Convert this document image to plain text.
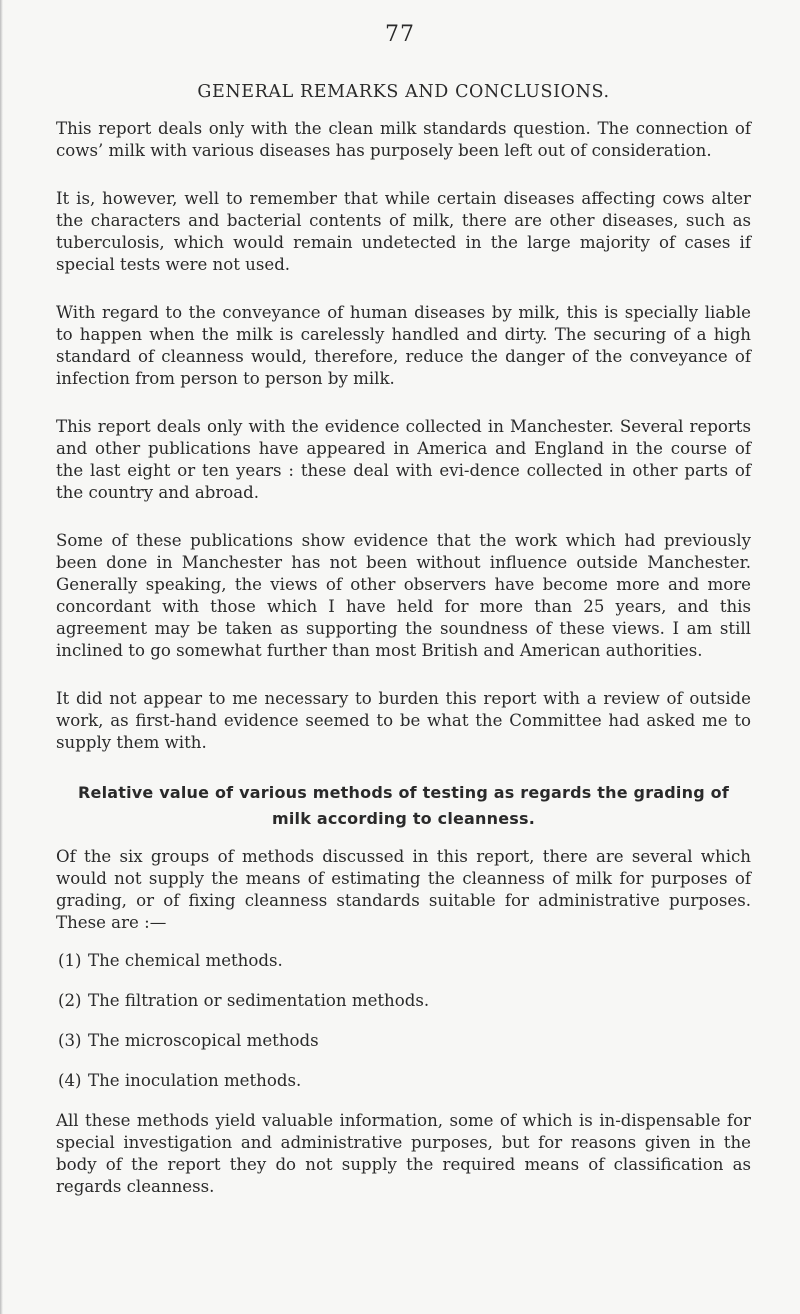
77
GENERAL REMARKS AND CONCLUSIONS.

This report deals only with the clean milk standards question. The connection of cows’ milk with various diseases has purposely been left out of consideration.

It is, however, well to remember that while certain diseases affecting cows alter the characters and bacterial contents of milk, there are other diseases, such as tuberculosis, which would remain undetected in the large majority of cases if special tests were not used.

With regard to the conveyance of human diseases by milk, this is specially liable to happen when the milk is carelessly handled and dirty. The securing of a high standard of cleanness would, therefore, reduce the danger of the conveyance of infection from person to person by milk.

This report deals only with the evidence collected in Manchester. Several reports and other publications have appeared in America and England in the course of the last eight or ten years : these deal with evi-dence collected in other parts of the country and abroad.

Some of these publications show evidence that the work which had previously been done in Manchester has not been without influence outside Manchester. Generally speaking, the views of other observers have become more and more concordant with those which I have held for more than 25 years, and this agreement may be taken as supporting the soundness of these views. I am still inclined to go somewhat further than most British and American authorities.

It did not appear to me necessary to burden this report with a review of outside work, as first-hand evidence seemed to be what the Committee had asked me to supply them with.

Relative value of various methods of testing as regards the grading of
milk according to cleanness.

Of the six groups of methods discussed in this report, there are several which would not supply the means of estimating the cleanness of milk for purposes of grading, or of fixing cleanness standards suitable for administrative purposes. These are :—

(1) The chemical methods.
(2) The filtration or sedimentation methods.
(3) The microscopical methods
(4) The inoculation methods.

All these methods yield valuable information, some of which is in-dispensable for special investigation and administrative purposes, but for reasons given in the body of the report they do not supply the required means of classification as regards cleanness.
